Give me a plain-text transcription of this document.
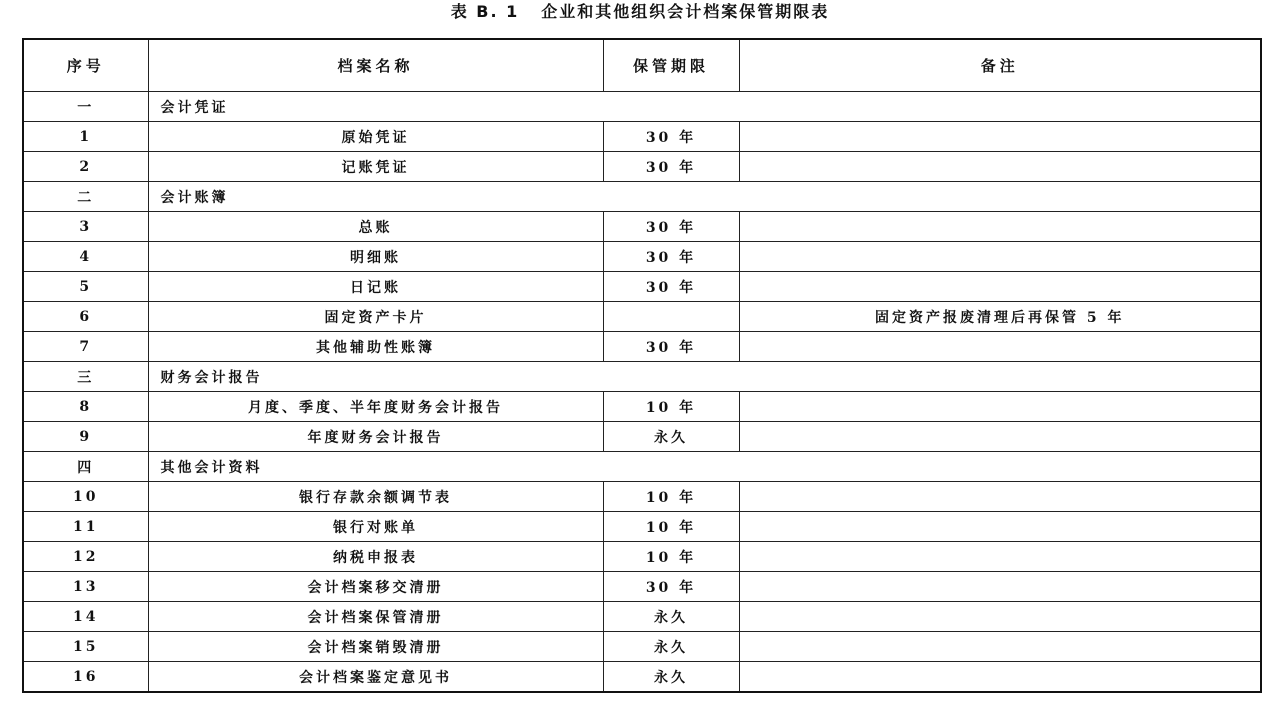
表 B. 1 企业和其他组织会计档案保管期限表
序号	档案名称	保管期限	备注
一	会计凭证		
1	原始凭证	30 年	
2	记账凭证	30 年	
二	会计账簿		
3	总账	30 年	
4	明细账	30 年	
5	日记账	30 年	
6	固定资产卡片		固定资产报废清理后再保管 5 年
7	其他辅助性账簿	30 年	
三	财务会计报告		
8	月度、季度、半年度财务会计报告	10 年	
9	年度财务会计报告	永久	
四	其他会计资料		
10	银行存款余额调节表	10 年	
11	银行对账单	10 年	
12	纳税申报表	10 年	
13	会计档案移交清册	30 年	
14	会计档案保管清册	永久	
15	会计档案销毁清册	永久	
16	会计档案鉴定意见书	永久	
